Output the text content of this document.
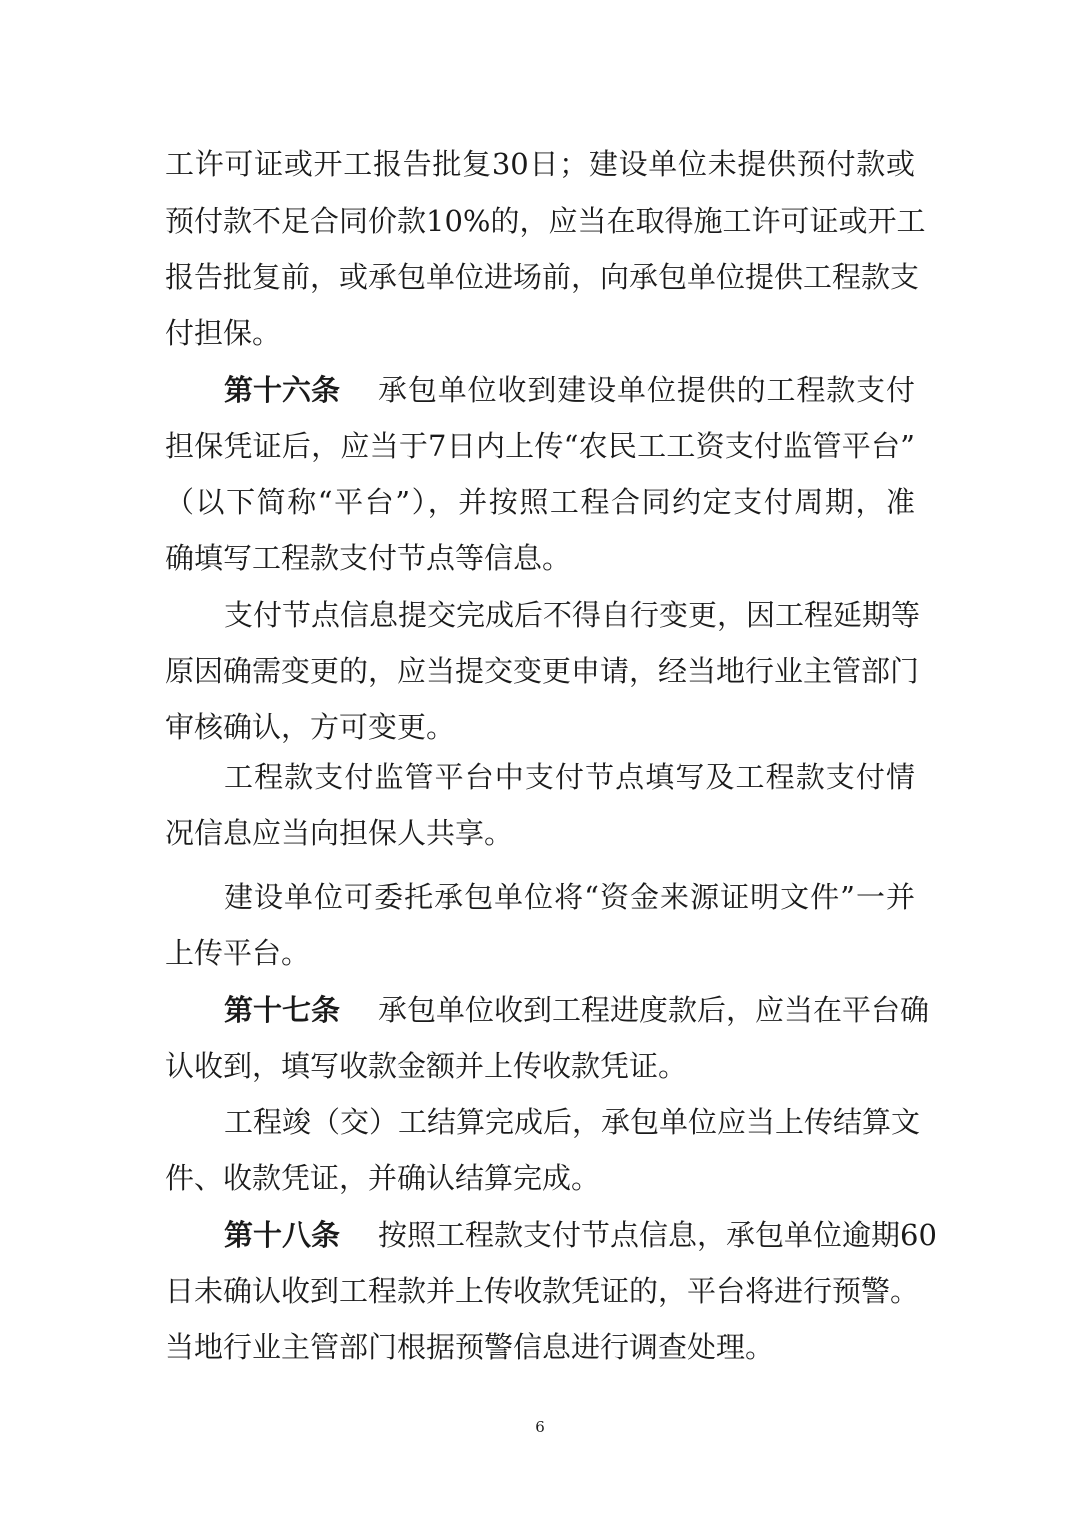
工许可证或开工报告批复30日；建设单位未提供预付款或

预付款不足合同价款10%的，应当在取得施工许可证或开工

报告批复前，或承包单位进场前，向承包单位提供工程款支

付担保。

第十六条 承包单位收到建设单位提供的工程款支付

担保凭证后，应当于7日内上传“农民工工资支付监管平台”

（以下简称“平台”），并按照工程合同约定支付周期，准

确填写工程款支付节点等信息。

支付节点信息提交完成后不得自行变更，因工程延期等

原因确需变更的，应当提交变更申请，经当地行业主管部门

审核确认，方可变更。

工程款支付监管平台中支付节点填写及工程款支付情

况信息应当向担保人共享。

建设单位可委托承包单位将“资金来源证明文件”一并

上传平台。

第十七条 承包单位收到工程进度款后，应当在平台确

认收到，填写收款金额并上传收款凭证。

工程竣（交）工结算完成后，承包单位应当上传结算文

件、收款凭证，并确认结算完成。

第十八条 按照工程款支付节点信息，承包单位逾期60

日未确认收到工程款并上传收款凭证的，平台将进行预警。

当地行业主管部门根据预警信息进行调查处理。

6
